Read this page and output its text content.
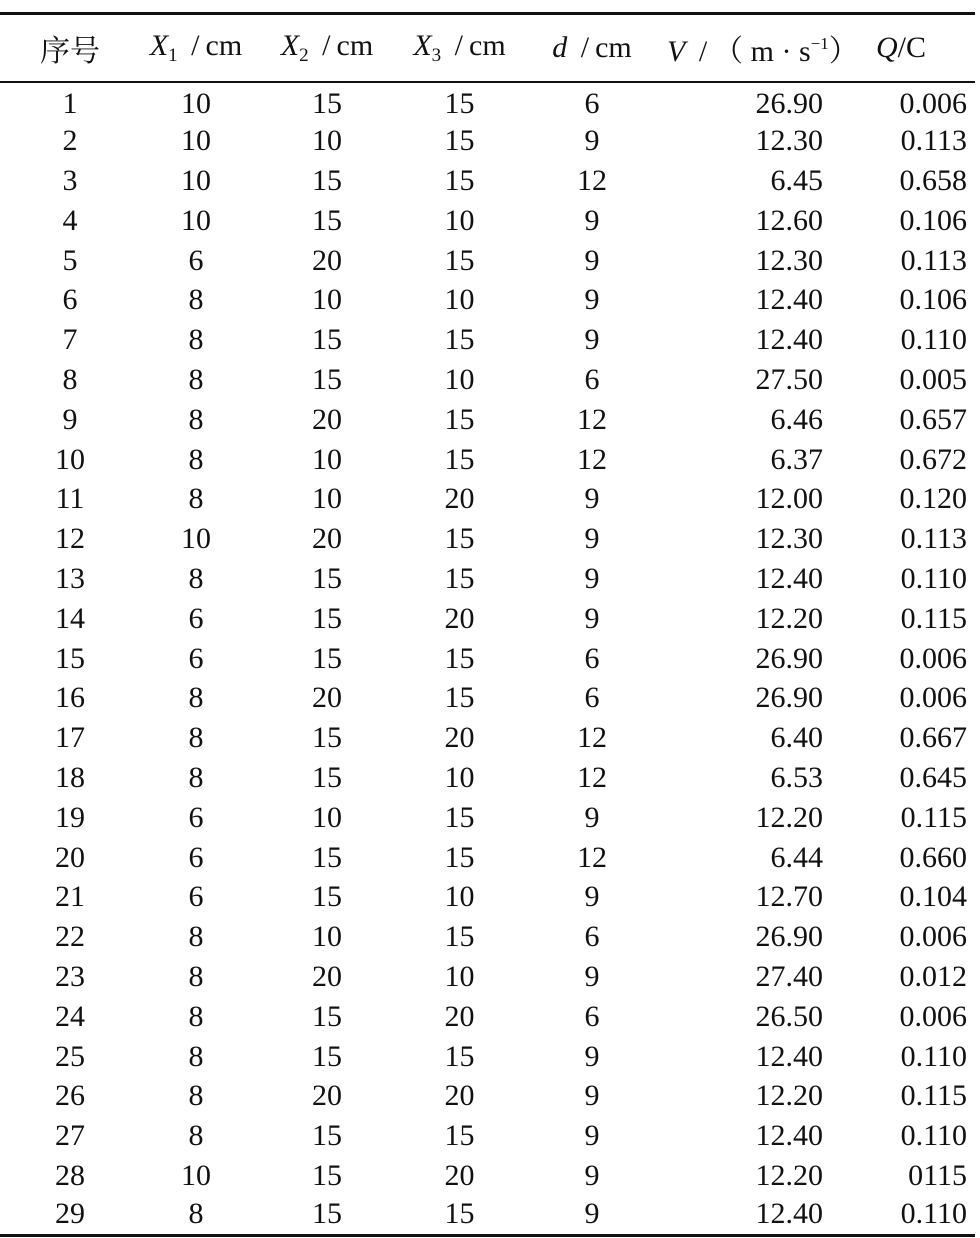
序号	$X_1$ / cm	$X_2$ / cm	$X_3$ / cm	d / cm	V / （ $m \cdot s^{-1}$）	Q/C
1	10	15	15	6	26.90	0.006
2	10	10	15	9	12.30	0.113
3	10	15	15	12	6.45	0.658
4	10	15	10	9	12.60	0.106
5	6	20	15	9	12.30	0.113
6	8	10	10	9	12.40	0.106
7	8	15	15	9	12.40	0.110
8	8	15	10	6	27.50	0.005
9	8	20	15	12	6.46	0.657
10	8	10	15	12	6.37	0.672
11	8	10	20	9	12.00	0.120
12	10	20	15	9	12.30	0.113
13	8	15	15	9	12.40	0.110
14	6	15	20	9	12.20	0.115
15	6	15	15	6	26.90	0.006
16	8	20	15	6	26.90	0.006
17	8	15	20	12	6.40	0.667
18	8	15	10	12	6.53	0.645
19	6	10	15	9	12.20	0.115
20	6	15	15	12	6.44	0.660
21	6	15	10	9	12.70	0.104
22	8	10	15	6	26.90	0.006
23	8	20	10	9	27.40	0.012
24	8	15	20	6	26.50	0.006
25	8	15	15	9	12.40	0.110
26	8	20	20	9	12.20	0.115
27	8	15	15	9	12.40	0.110
28	10	15	20	9	12.20	0115
29	8	15	15	9	12.40	0.110
